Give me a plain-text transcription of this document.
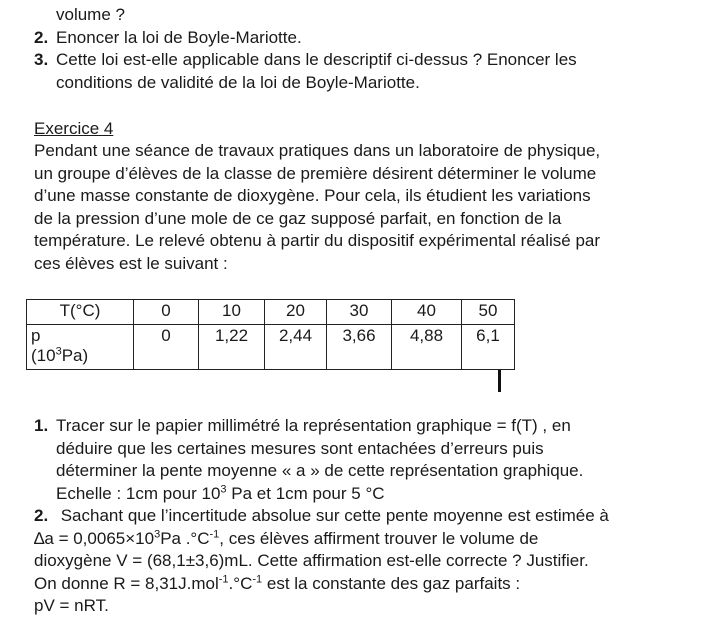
volume ?
2. Enoncer la loi de Boyle-Mariotte.
3. Cette loi est-elle applicable dans le descriptif ci-dessus ? Enoncer les
conditions de validité de la loi de Boyle-Mariotte.
Exercice 4
Pendant une séance de travaux pratiques dans un laboratoire de physique,
un groupe d’élèves de la classe de première désirent déterminer le volume
d’une masse constante de dioxygène. Pour cela, ils étudient les variations
de la pression d’une mole de ce gaz supposé parfait, en fonction de la
température. Le relevé obtenu à partir du dispositif expérimental réalisé par
ces élèves est le suivant :
T(°C)	0	10	20	30	40	50

p
$(10^3Pa)$	0	1,22	2,44	3,66	4,88	6,1
1. Tracer sur le papier millimétré la représentation graphique = f(T) , en
déduire que les certaines mesures sont entachées d’erreurs puis
déterminer la pente moyenne « a » de cette représentation graphique.
Echelle : 1cm pour $10^3$ Pa et 1cm pour 5 °C
2. Sachant que l’incertitude absolue sur cette pente moyenne est estimée à
$\Delta a = 0,0065\times 10^3Pa$ $.^\circ C^{-1}$, ces élèves affirment trouver le volume de
dioxygène V = (68,1±3,6)mL. Cette affirmation est-elle correcte ? Justifier.
On donne $R = 8,31J.mol^{-1}.^\circ C^{-1}$ est la constante des gaz parfaits :
pV = nRT.
